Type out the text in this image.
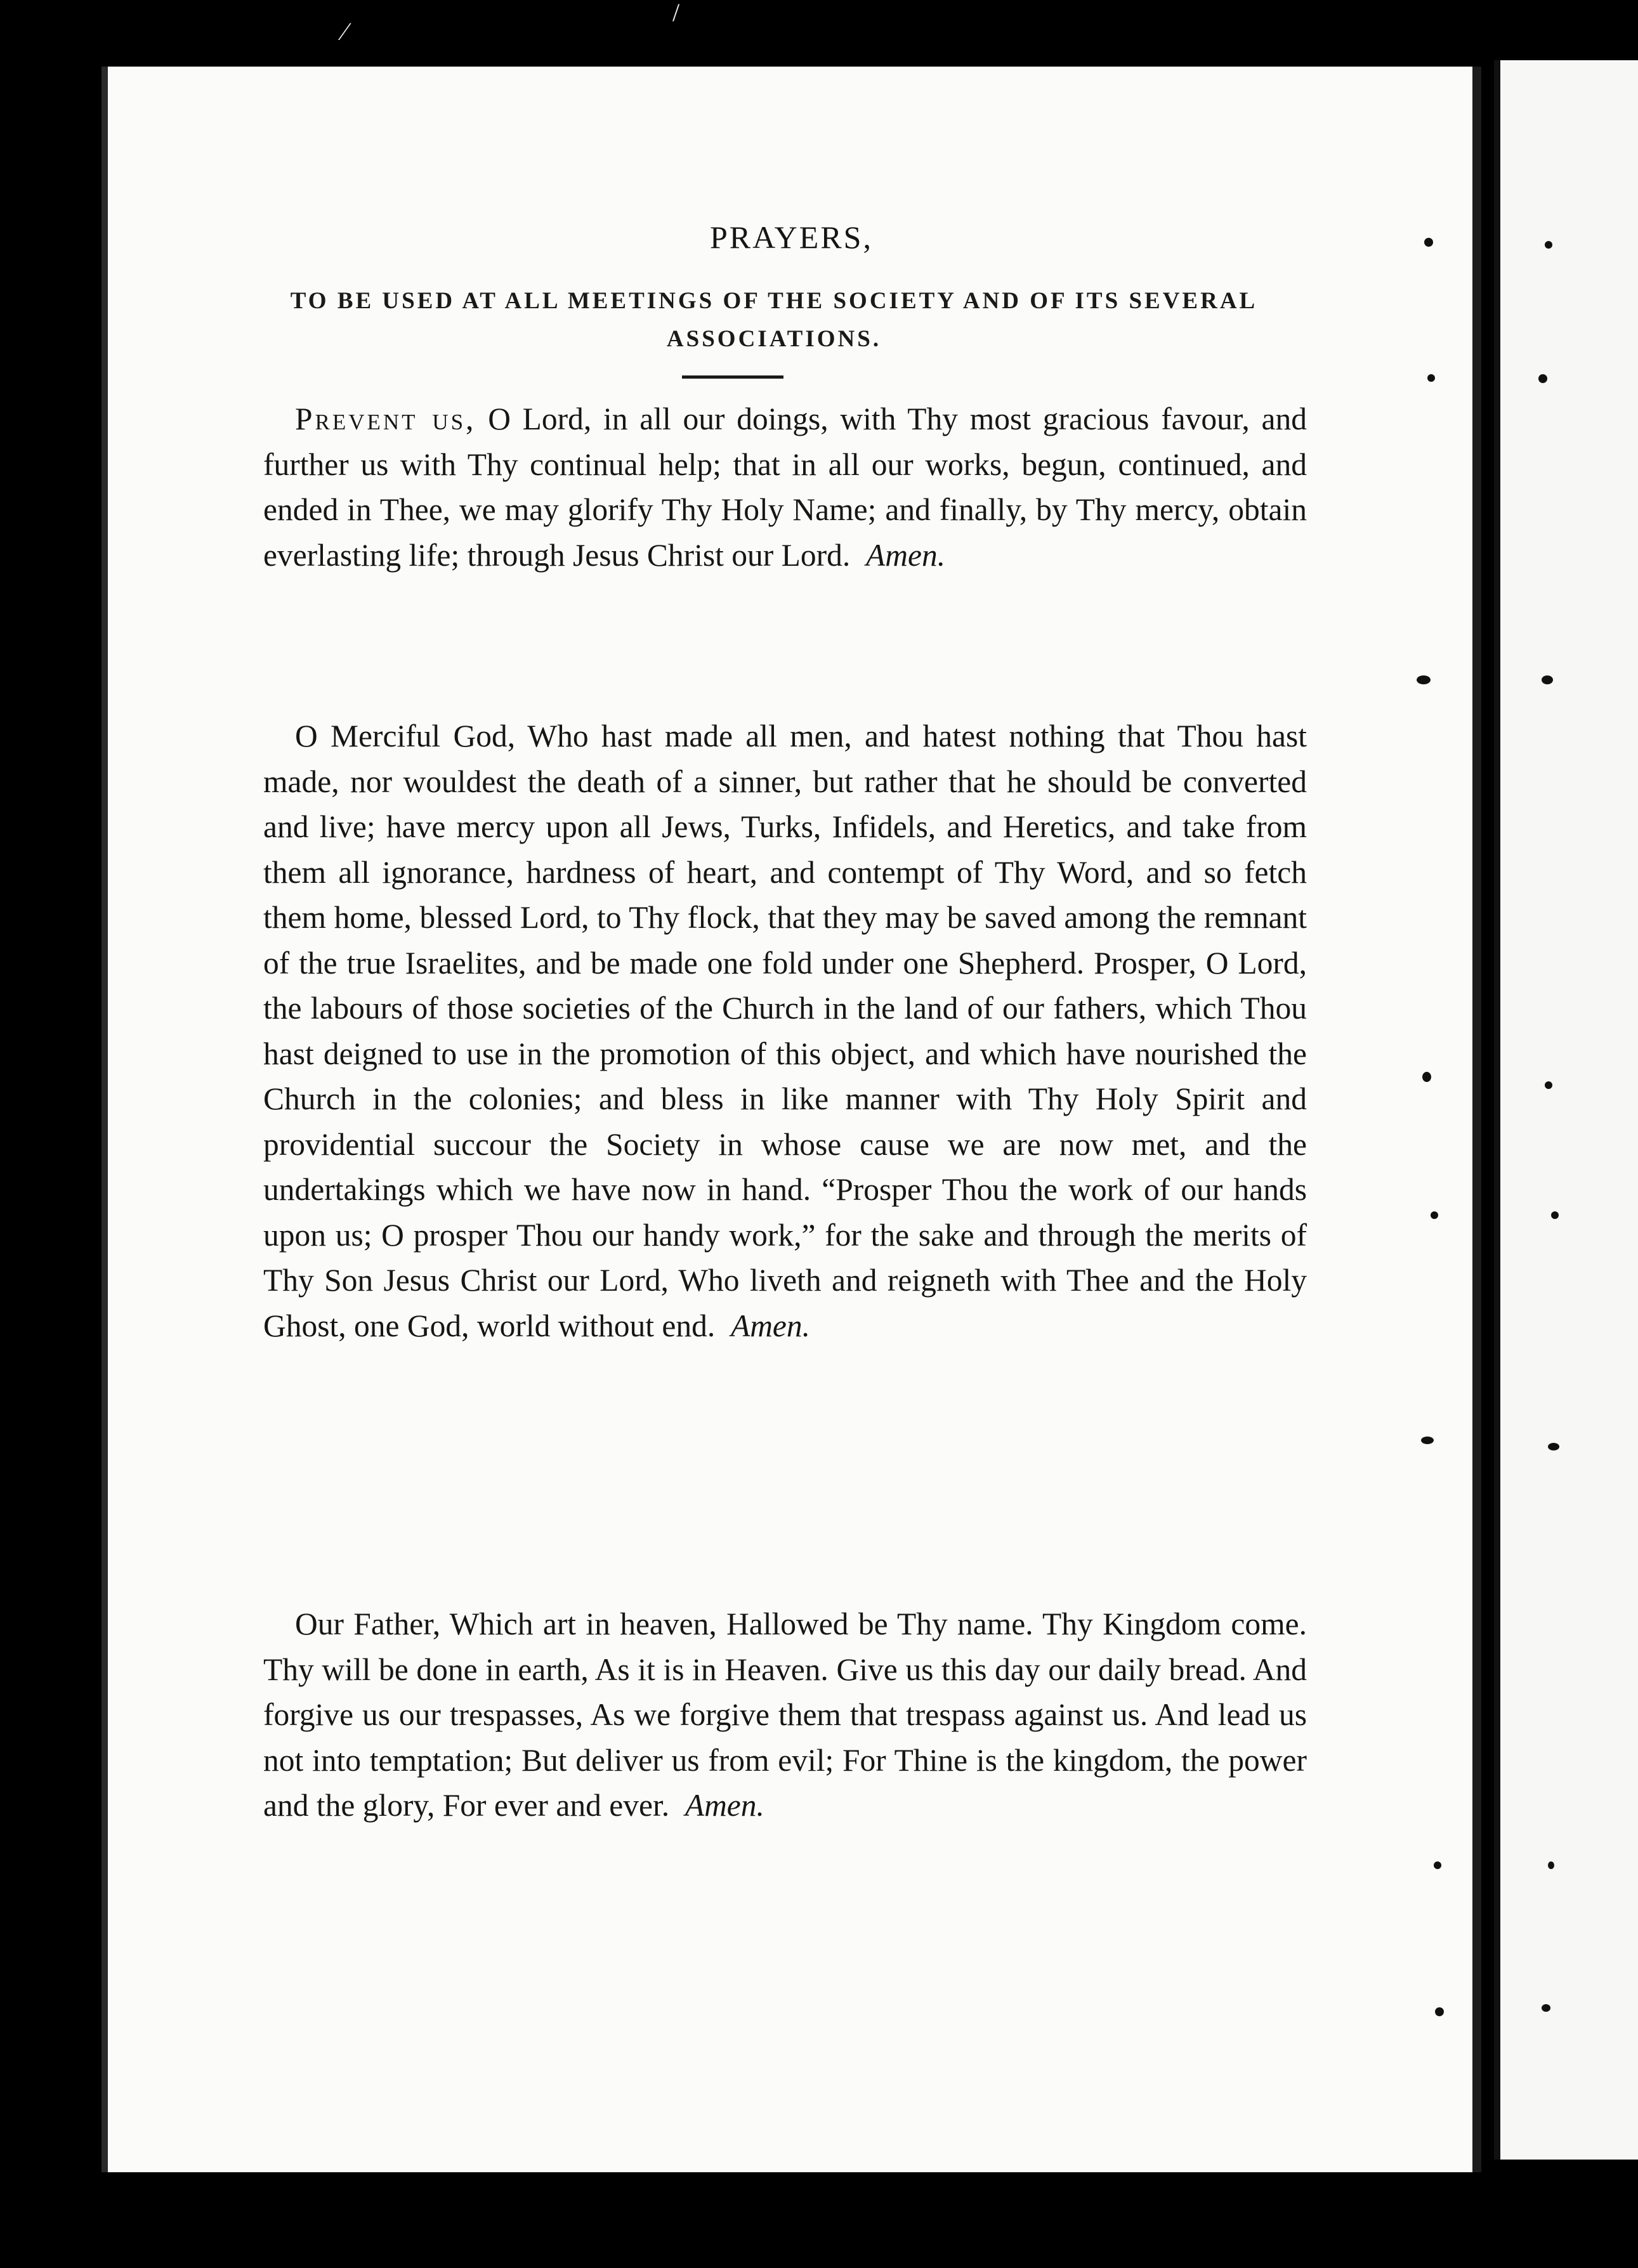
⁄
/
PRAYERS,
TO BE USED AT ALL MEETINGS OF THE SOCIETY AND OF ITS SEVERAL ASSOCIATIONS.

Prevent us, O Lord, in all our doings, with Thy most gracious favour, and further us with Thy continual help; that in all our works, begun, continued, and ended in Thee, we may glorify Thy Holy Name; and finally, by Thy mercy, obtain everlasting life; through Jesus Christ our Lord. Amen.

O Merciful God, Who hast made all men, and hatest nothing that Thou hast made, nor wouldest the death of a sinner, but rather that he should be converted and live; have mercy upon all Jews, Turks, Infidels, and Heretics, and take from them all ignorance, hardness of heart, and contempt of Thy Word, and so fetch them home, blessed Lord, to Thy flock, that they may be saved among the remnant of the true Israelites, and be made one fold under one Shepherd. Prosper, O Lord, the labours of those societies of the Church in the land of our fathers, which Thou hast deigned to use in the promotion of this object, and which have nourished the Church in the colonies; and bless in like manner with Thy Holy Spirit and providential succour the Society in whose cause we are now met, and the undertakings which we have now in hand. “Prosper Thou the work of our hands upon us; O prosper Thou our handy work,” for the sake and through the merits of Thy Son Jesus Christ our Lord, Who liveth and reigneth with Thee and the Holy Ghost, one God, world without end. Amen.

Our Father, Which art in heaven, Hallowed be Thy name. Thy Kingdom come. Thy will be done in earth, As it is in Heaven. Give us this day our daily bread. And forgive us our trespasses, As we forgive them that trespass against us. And lead us not into temptation; But deliver us from evil; For Thine is the kingdom, the power and the glory, For ever and ever. Amen.
